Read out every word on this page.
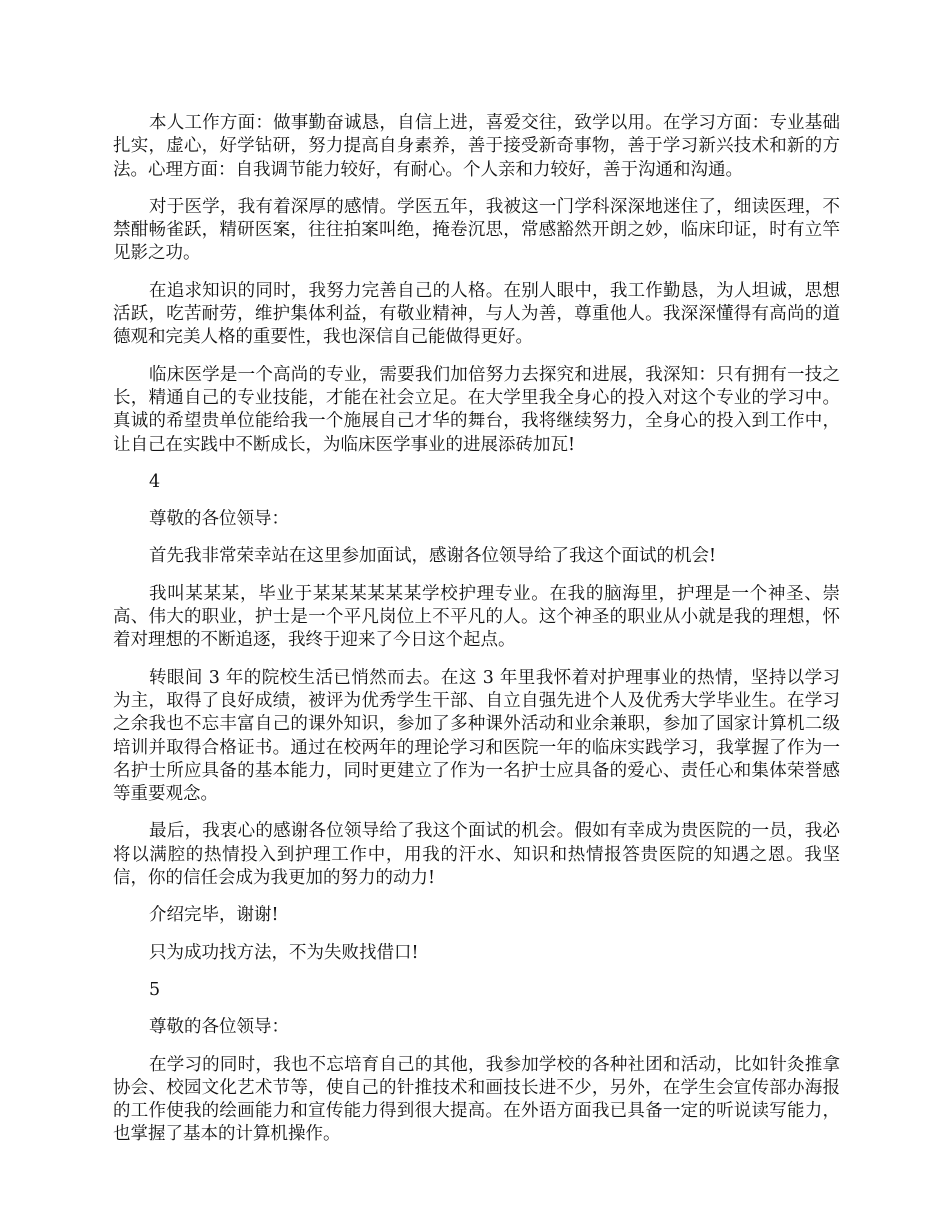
本人工作方面：做事勤奋诚恳，自信上进，喜爱交往，致学以用。在学习方面：专业基础扎实，虚心，好学钻研，努力提高自身素养，善于接受新奇事物，善于学习新兴技术和新的方法。心理方面：自我调节能力较好，有耐心。个人亲和力较好，善于沟通和沟通。

对于医学，我有着深厚的感情。学医五年，我被这一门学科深深地迷住了，细读医理，不禁酣畅雀跃，精研医案，往往拍案叫绝，掩卷沉思，常感豁然开朗之妙，临床印证，时有立竿见影之功。

在追求知识的同时，我努力完善自己的人格。在别人眼中，我工作勤恳，为人坦诚，思想活跃，吃苦耐劳，维护集体利益，有敬业精神，与人为善，尊重他人。我深深懂得有高尚的道德观和完美人格的重要性，我也深信自己能做得更好。

临床医学是一个高尚的专业，需要我们加倍努力去探究和进展，我深知：只有拥有一技之长，精通自己的专业技能，才能在社会立足。在大学里我全身心的投入对这个专业的学习中。真诚的希望贵单位能给我一个施展自己才华的舞台，我将继续努力，全身心的投入到工作中，让自己在实践中不断成长，为临床医学事业的进展添砖加瓦!

4

尊敬的各位领导：

首先我非常荣幸站在这里参加面试，感谢各位领导给了我这个面试的机会!

我叫某某某，毕业于某某某某某某学校护理专业。在我的脑海里，护理是一个神圣、崇高、伟大的职业，护士是一个平凡岗位上不平凡的人。这个神圣的职业从小就是我的理想，怀着对理想的不断追逐，我终于迎来了今日这个起点。

转眼间 3 年的院校生活已悄然而去。在这 3 年里我怀着对护理事业的热情，坚持以学习为主，取得了良好成绩，被评为优秀学生干部、自立自强先进个人及优秀大学毕业生。在学习之余我也不忘丰富自己的课外知识，参加了多种课外活动和业余兼职，参加了国家计算机二级培训并取得合格证书。通过在校两年的理论学习和医院一年的临床实践学习，我掌握了作为一名护士所应具备的基本能力，同时更建立了作为一名护士应具备的爱心、责任心和集体荣誉感等重要观念。

最后，我衷心的感谢各位领导给了我这个面试的机会。假如有幸成为贵医院的一员，我必将以满腔的热情投入到护理工作中，用我的汗水、知识和热情报答贵医院的知遇之恩。我坚信，你的信任会成为我更加的努力的动力!

介绍完毕，谢谢!

只为成功找方法，不为失败找借口!

5

尊敬的各位领导：

在学习的同时，我也不忘培育自己的其他，我参加学校的各种社团和活动，比如针灸推拿协会、校园文化艺术节等，使自己的针推技术和画技长进不少，另外，在学生会宣传部办海报的工作使我的绘画能力和宣传能力得到很大提高。在外语方面我已具备一定的听说读写能力，也掌握了基本的计算机操作。
